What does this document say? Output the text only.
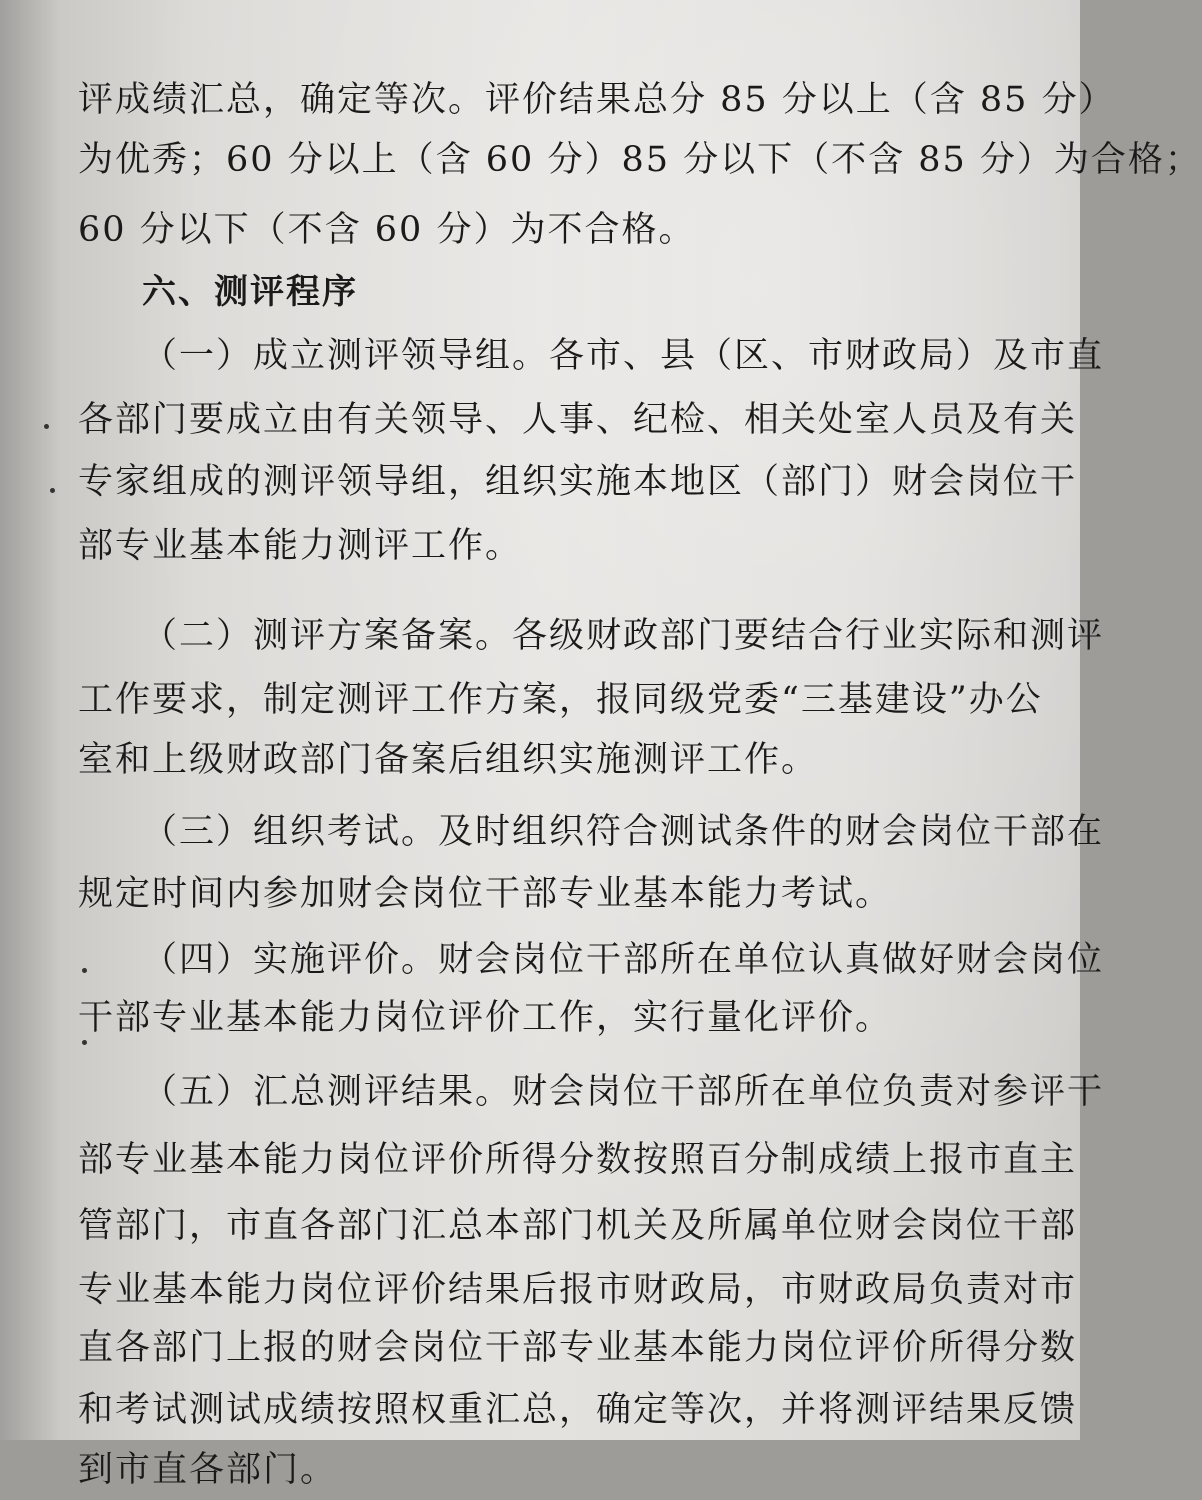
评成绩汇总，确定等次。评价结果总分 85 分以上（含 85 分）
为优秀；60 分以上（含 60 分）85 分以下（不含 85 分）为合格；
60 分以下（不含 60 分）为不合格。
六、测评程序
（一）成立测评领导组。各市、县（区、市财政局）及市直
各部门要成立由有关领导、人事、纪检、相关处室人员及有关
专家组成的测评领导组，组织实施本地区（部门）财会岗位干
部专业基本能力测评工作。
（二）测评方案备案。各级财政部门要结合行业实际和测评
工作要求，制定测评工作方案，报同级党委“三基建设”办公
室和上级财政部门备案后组织实施测评工作。
（三）组织考试。及时组织符合测试条件的财会岗位干部在
规定时间内参加财会岗位干部专业基本能力考试。
（四）实施评价。财会岗位干部所在单位认真做好财会岗位
干部专业基本能力岗位评价工作，实行量化评价。
（五）汇总测评结果。财会岗位干部所在单位负责对参评干
部专业基本能力岗位评价所得分数按照百分制成绩上报市直主
管部门，市直各部门汇总本部门机关及所属单位财会岗位干部
专业基本能力岗位评价结果后报市财政局，市财政局负责对市
直各部门上报的财会岗位干部专业基本能力岗位评价所得分数
和考试测试成绩按照权重汇总，确定等次，并将测评结果反馈
到市直各部门。
